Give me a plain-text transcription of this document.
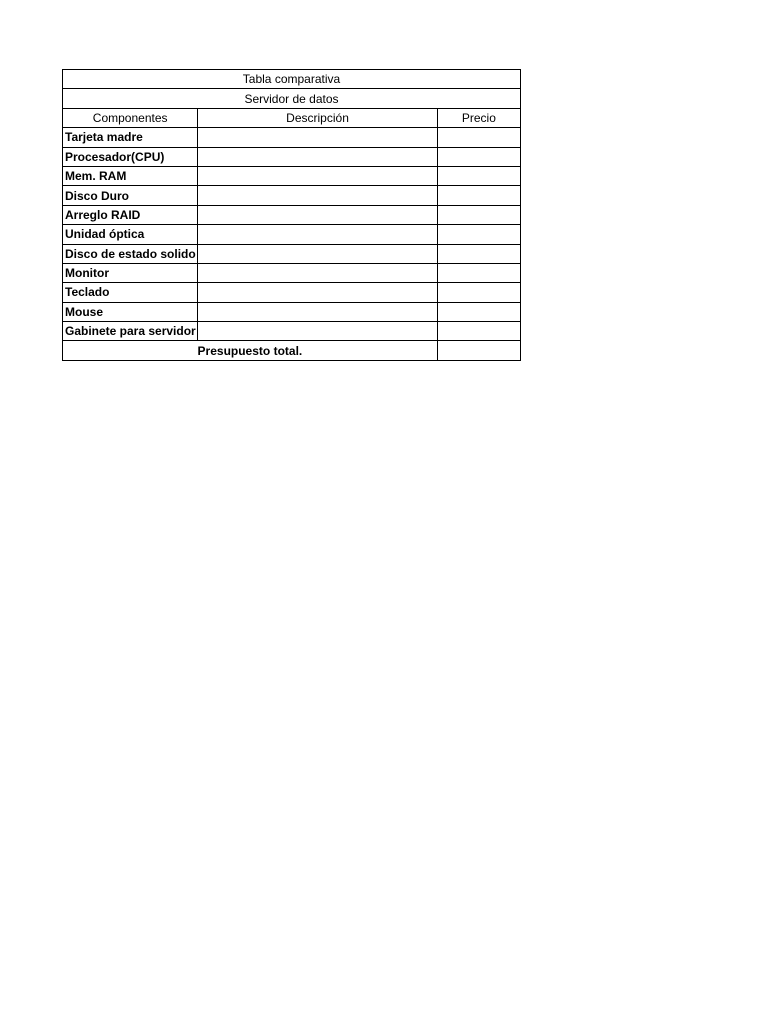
Tabla comparativa		
Servidor de datos		
Componentes	Descripción	Precio
Tarjeta madre		
Procesador(CPU)		
Mem. RAM		
Disco Duro		
Arreglo RAID		
Unidad óptica		
Disco de estado solido		
Monitor		
Teclado		
Mouse		
Gabinete para servidor		
Presupuesto total.		
